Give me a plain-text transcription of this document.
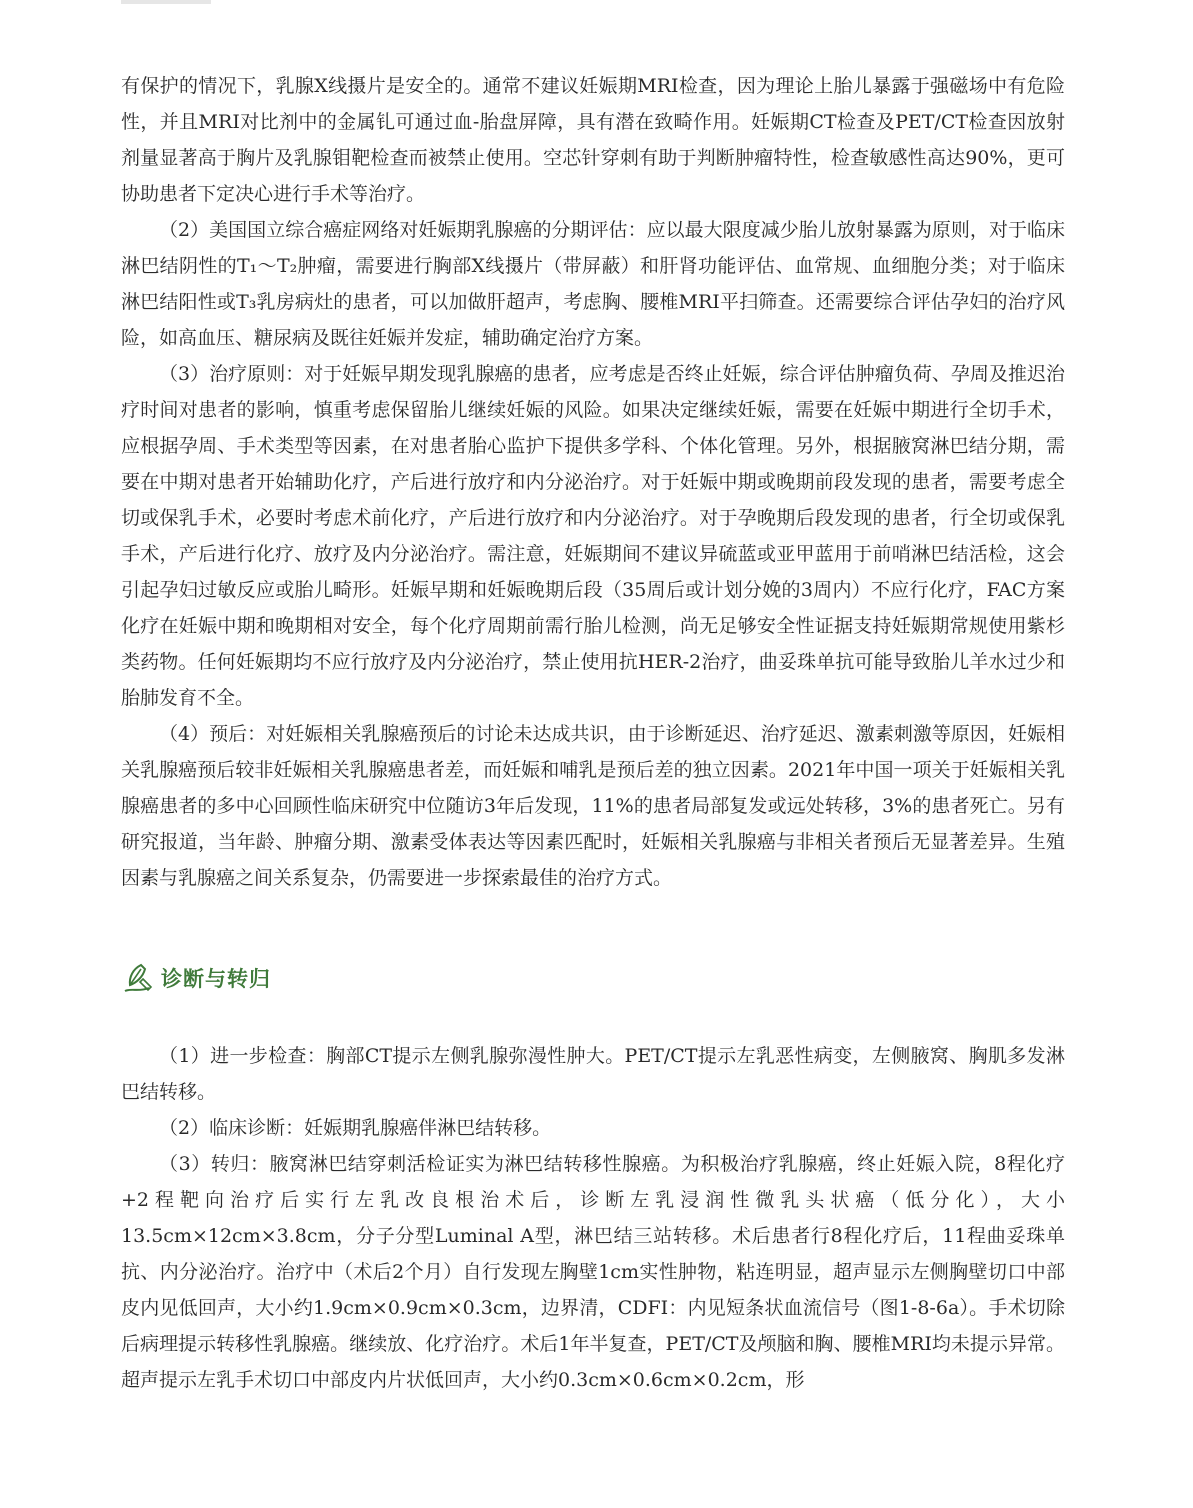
有保护的情况下，乳腺X线摄片是安全的。通常不建议妊娠期MRI检查，因为理论上胎儿暴露于强磁场中有危险性，并且MRI对比剂中的金属钆可通过血-胎盘屏障，具有潜在致畸作用。妊娠期CT检查及PET/CT检查因放射剂量显著高于胸片及乳腺钼靶检查而被禁止使用。空芯针穿刺有助于判断肿瘤特性，检查敏感性高达90%，更可协助患者下定决心进行手术等治疗。

（2）美国国立综合癌症网络对妊娠期乳腺癌的分期评估：应以最大限度减少胎儿放射暴露为原则，对于临床淋巴结阴性的T₁～T₂肿瘤，需要进行胸部X线摄片（带屏蔽）和肝肾功能评估、血常规、血细胞分类；对于临床淋巴结阳性或T₃乳房病灶的患者，可以加做肝超声，考虑胸、腰椎MRI平扫筛查。还需要综合评估孕妇的治疗风险，如高血压、糖尿病及既往妊娠并发症，辅助确定治疗方案。

（3）治疗原则：对于妊娠早期发现乳腺癌的患者，应考虑是否终止妊娠，综合评估肿瘤负荷、孕周及推迟治疗时间对患者的影响，慎重考虑保留胎儿继续妊娠的风险。如果决定继续妊娠，需要在妊娠中期进行全切手术，应根据孕周、手术类型等因素，在对患者胎心监护下提供多学科、个体化管理。另外，根据腋窝淋巴结分期，需要在中期对患者开始辅助化疗，产后进行放疗和内分泌治疗。对于妊娠中期或晚期前段发现的患者，需要考虑全切或保乳手术，必要时考虑术前化疗，产后进行放疗和内分泌治疗。对于孕晚期后段发现的患者，行全切或保乳手术，产后进行化疗、放疗及内分泌治疗。需注意，妊娠期间不建议异硫蓝或亚甲蓝用于前哨淋巴结活检，这会引起孕妇过敏反应或胎儿畸形。妊娠早期和妊娠晚期后段（35周后或计划分娩的3周内）不应行化疗，FAC方案化疗在妊娠中期和晚期相对安全，每个化疗周期前需行胎儿检测，尚无足够安全性证据支持妊娠期常规使用紫杉类药物。任何妊娠期均不应行放疗及内分泌治疗，禁止使用抗HER-2治疗，曲妥珠单抗可能导致胎儿羊水过少和胎肺发育不全。

（4）预后：对妊娠相关乳腺癌预后的讨论未达成共识，由于诊断延迟、治疗延迟、激素刺激等原因，妊娠相关乳腺癌预后较非妊娠相关乳腺癌患者差，而妊娠和哺乳是预后差的独立因素。2021年中国一项关于妊娠相关乳腺癌患者的多中心回顾性临床研究中位随访3年后发现，11%的患者局部复发或远处转移，3%的患者死亡。另有研究报道，当年龄、肿瘤分期、激素受体表达等因素匹配时，妊娠相关乳腺癌与非相关者预后无显著差异。生殖因素与乳腺癌之间关系复杂，仍需要进一步探索最佳的治疗方式。

诊断与转归

（1）进一步检查：胸部CT提示左侧乳腺弥漫性肿大。PET/CT提示左乳恶性病变，左侧腋窝、胸肌多发淋巴结转移。

（2）临床诊断：妊娠期乳腺癌伴淋巴结转移。

（3）转归：腋窝淋巴结穿刺活检证实为淋巴结转移性腺癌。为积极治疗乳腺癌，终止妊娠入院，8程化疗+2程靶向治疗后实行左乳改良根治术后，诊断左乳浸润性微乳头状癌（低分化），大小13.5cm×12cm×3.8cm，分子分型Luminal A型，淋巴结三站转移。术后患者行8程化疗后，11程曲妥珠单抗、内分泌治疗。治疗中（术后2个月）自行发现左胸壁1cm实性肿物，粘连明显，超声显示左侧胸壁切口中部皮内见低回声，大小约1.9cm×0.9cm×0.3cm，边界清，CDFI：内见短条状血流信号（图1-8-6a）。手术切除后病理提示转移性乳腺癌。继续放、化疗治疗。术后1年半复查，PET/CT及颅脑和胸、腰椎MRI均未提示异常。超声提示左乳手术切口中部皮内片状低回声，大小约0.3cm×0.6cm×0.2cm，形
